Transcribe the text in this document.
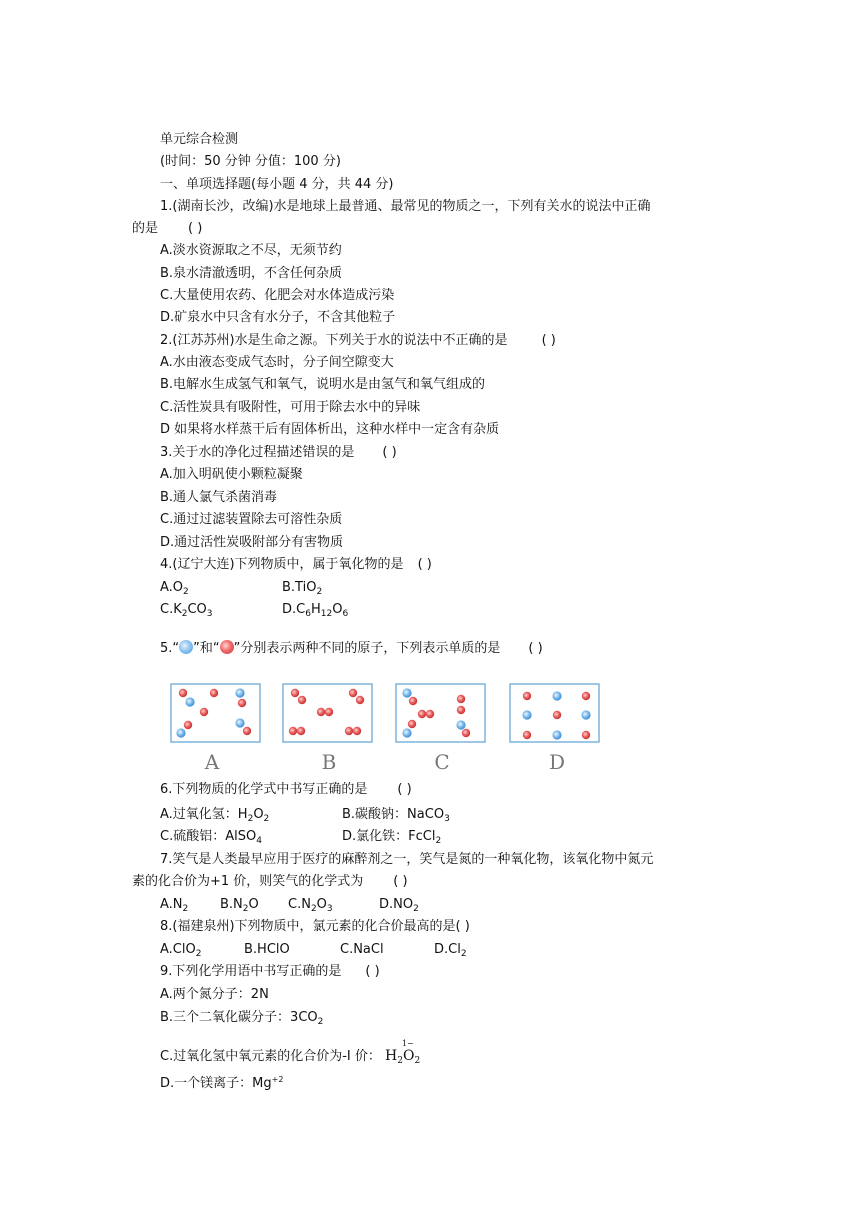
单元综合检测
(时间：50 分钟 分值：100 分)
一、单项选择题(每小题 4 分，共 44 分)
1.(湖南长沙，改编)水是地球上最普通、最常见的物质之一，下列有关水的说法中正确
的是 ( )
A.淡水资源取之不尽，无须节约
B.泉水清澈透明，不含任何杂质
C.大量使用农药、化肥会对水体造成污染
D.矿泉水中只含有水分子，不含其他粒子
2.(江苏苏州)水是生命之源。下列关于水的说法中不正确的是	( )
A.水由液态变成气态时，分子间空隙变大
B.电解水生成氢气和氧气，说明水是由氢气和氧气组成的
C.活性炭具有吸附性，可用于除去水中的异味
D 如果将水样蒸干后有固体析出，这种水样中一定含有杂质
3.关于水的净化过程描述错误的是 ( )
A.加入明矾使小颗粒凝聚
B.通人氯气杀菌消毒
C.通过过滤装置除去可溶性杂质
D.通过活性炭吸附部分有害物质
4.(辽宁大连)下列物质中，属于氧化物的是 ( )
$A.O_2$	B.TiO$_2$
$C.K_2CO_3$	$D.C_6H_{12}O_6$
5.“ ”和“ ”分别表示两种不同的原子，下列表示单质的是 ( )
A	B	C	D
6.下列物质的化学式中书写正确的是 ( )
A.过氧化氢：$H_2O_2$	B.碳酸钠：NaCO$_3$
C.硫酸铝：AlSO$_4$	D.氯化铁：FcCl$_2$
7.笑气是人类最早应用于医疗的麻醉剂之一，笑气是氮的一种氧化物，该氧化物中氮元
素的化合价为+1 价，则笑气的化学式为 ( )
$A.N_2$ $B.N_2O$ $C.N_2O_3$	$D.NO_2$
8.(福建泉州)下列物质中，氯元素的化合价最高的是( )
A.ClO$_2$	B.HClO	C.NaCl	$D.Cl_2$
9.下列化学用语中书写正确的是 ( )
A.两个氮分子：2N
B.三个二氧化碳分子：$3CO_2$
C.过氧化氢中氧元素的化合价为-I 价： $H_2$
1−
$O_2$
D.一个镁离子：$Mg^{+2}$
